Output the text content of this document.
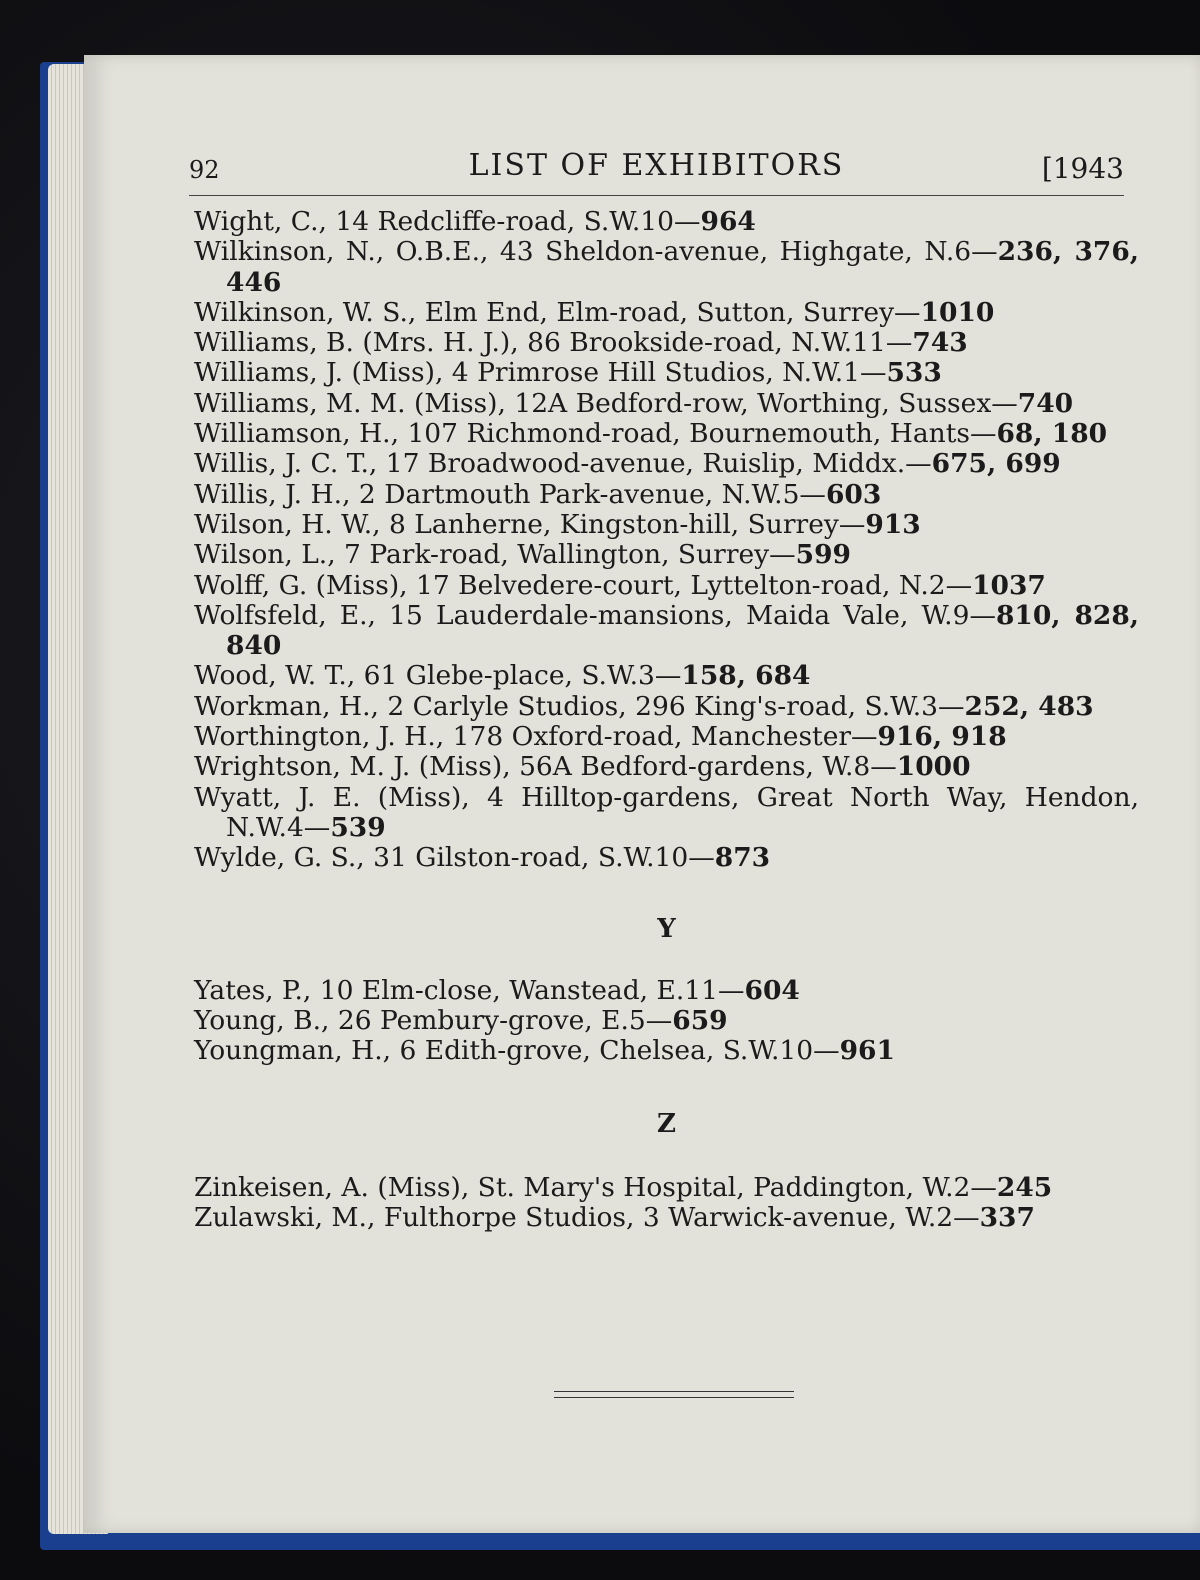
92	LIST OF EXHIBITORS	[1943
Wight, C., 14 Redcliffe-road, S.W.10—964
Wilkinson, N., O.B.E., 43 Sheldon-avenue, Highgate, N.6—236, 376, 446
Wilkinson, W. S., Elm End, Elm-road, Sutton, Surrey—1010
Williams, B. (Mrs. H. J.), 86 Brookside-road, N.W.11—743
Williams, J. (Miss), 4 Primrose Hill Studios, N.W.1—533
Williams, M. M. (Miss), 12A Bedford-row, Worthing, Sussex—740
Williamson, H., 107 Richmond-road, Bournemouth, Hants—68, 180
Willis, J. C. T., 17 Broadwood-avenue, Ruislip, Middx.—675, 699
Willis, J. H., 2 Dartmouth Park-avenue, N.W.5—603
Wilson, H. W., 8 Lanherne, Kingston-hill, Surrey—913
Wilson, L., 7 Park-road, Wallington, Surrey—599
Wolff, G. (Miss), 17 Belvedere-court, Lyttelton-road, N.2—1037
Wolfsfeld, E., 15 Lauderdale-mansions, Maida Vale, W.9—810, 828, 840
Wood, W. T., 61 Glebe-place, S.W.3—158, 684
Workman, H., 2 Carlyle Studios, 296 King's-road, S.W.3—252, 483
Worthington, J. H., 178 Oxford-road, Manchester—916, 918
Wrightson, M. J. (Miss), 56A Bedford-gardens, W.8—1000
Wyatt, J. E. (Miss), 4 Hilltop-gardens, Great North Way, Hendon, N.W.4—539
Wylde, G. S., 31 Gilston-road, S.W.10—873
Y
Yates, P., 10 Elm-close, Wanstead, E.11—604
Young, B., 26 Pembury-grove, E.5—659
Youngman, H., 6 Edith-grove, Chelsea, S.W.10—961
Z
Zinkeisen, A. (Miss), St. Mary's Hospital, Paddington, W.2—245
Zulawski, M., Fulthorpe Studios, 3 Warwick-avenue, W.2—337
